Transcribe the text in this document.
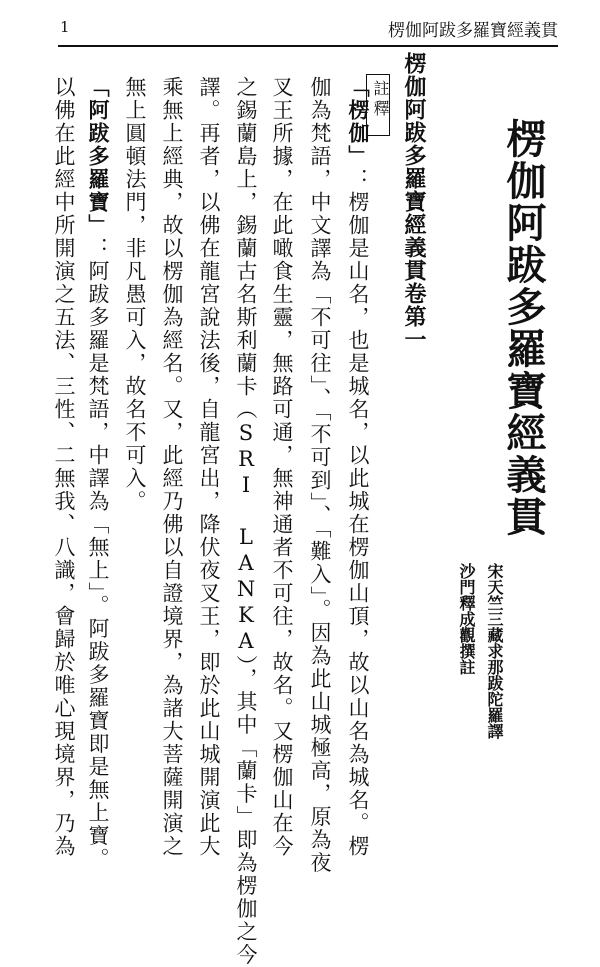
1	楞伽阿跋多羅寶經義貫
楞伽阿跋多羅寶經義貫
宋天竺三藏求那跋陀羅譯
沙門釋成觀撰註
楞伽阿跋多羅寶經義貫卷第一
註釋
「楞伽」：楞伽是山名，也是城名，以此城在楞伽山頂，故以山名為城名。楞
伽為梵語，中文譯為「不可往」、「不可到」、「難入」。因為此山城極高，原為夜
叉王所據，在此噉食生靈，無路可通，無神通者不可往，故名。又楞伽山在今
之錫蘭島上，錫蘭古名斯利蘭卡（SRI LANKA），其中「蘭卡」即為楞伽之今
譯。再者，以佛在龍宮說法後，自龍宮出，降伏夜叉王，即於此山城開演此大
乘無上經典，故以楞伽為經名。又，此經乃佛以自證境界，為諸大菩薩開演之
無上圓頓法門，非凡愚可入，故名不可入。
「阿跋多羅寶」：阿跋多羅是梵語，中譯為「無上」。阿跋多羅寶即是無上寶。
以佛在此經中所開演之五法、三性、二無我、八識，會歸於唯心現境界，乃為
